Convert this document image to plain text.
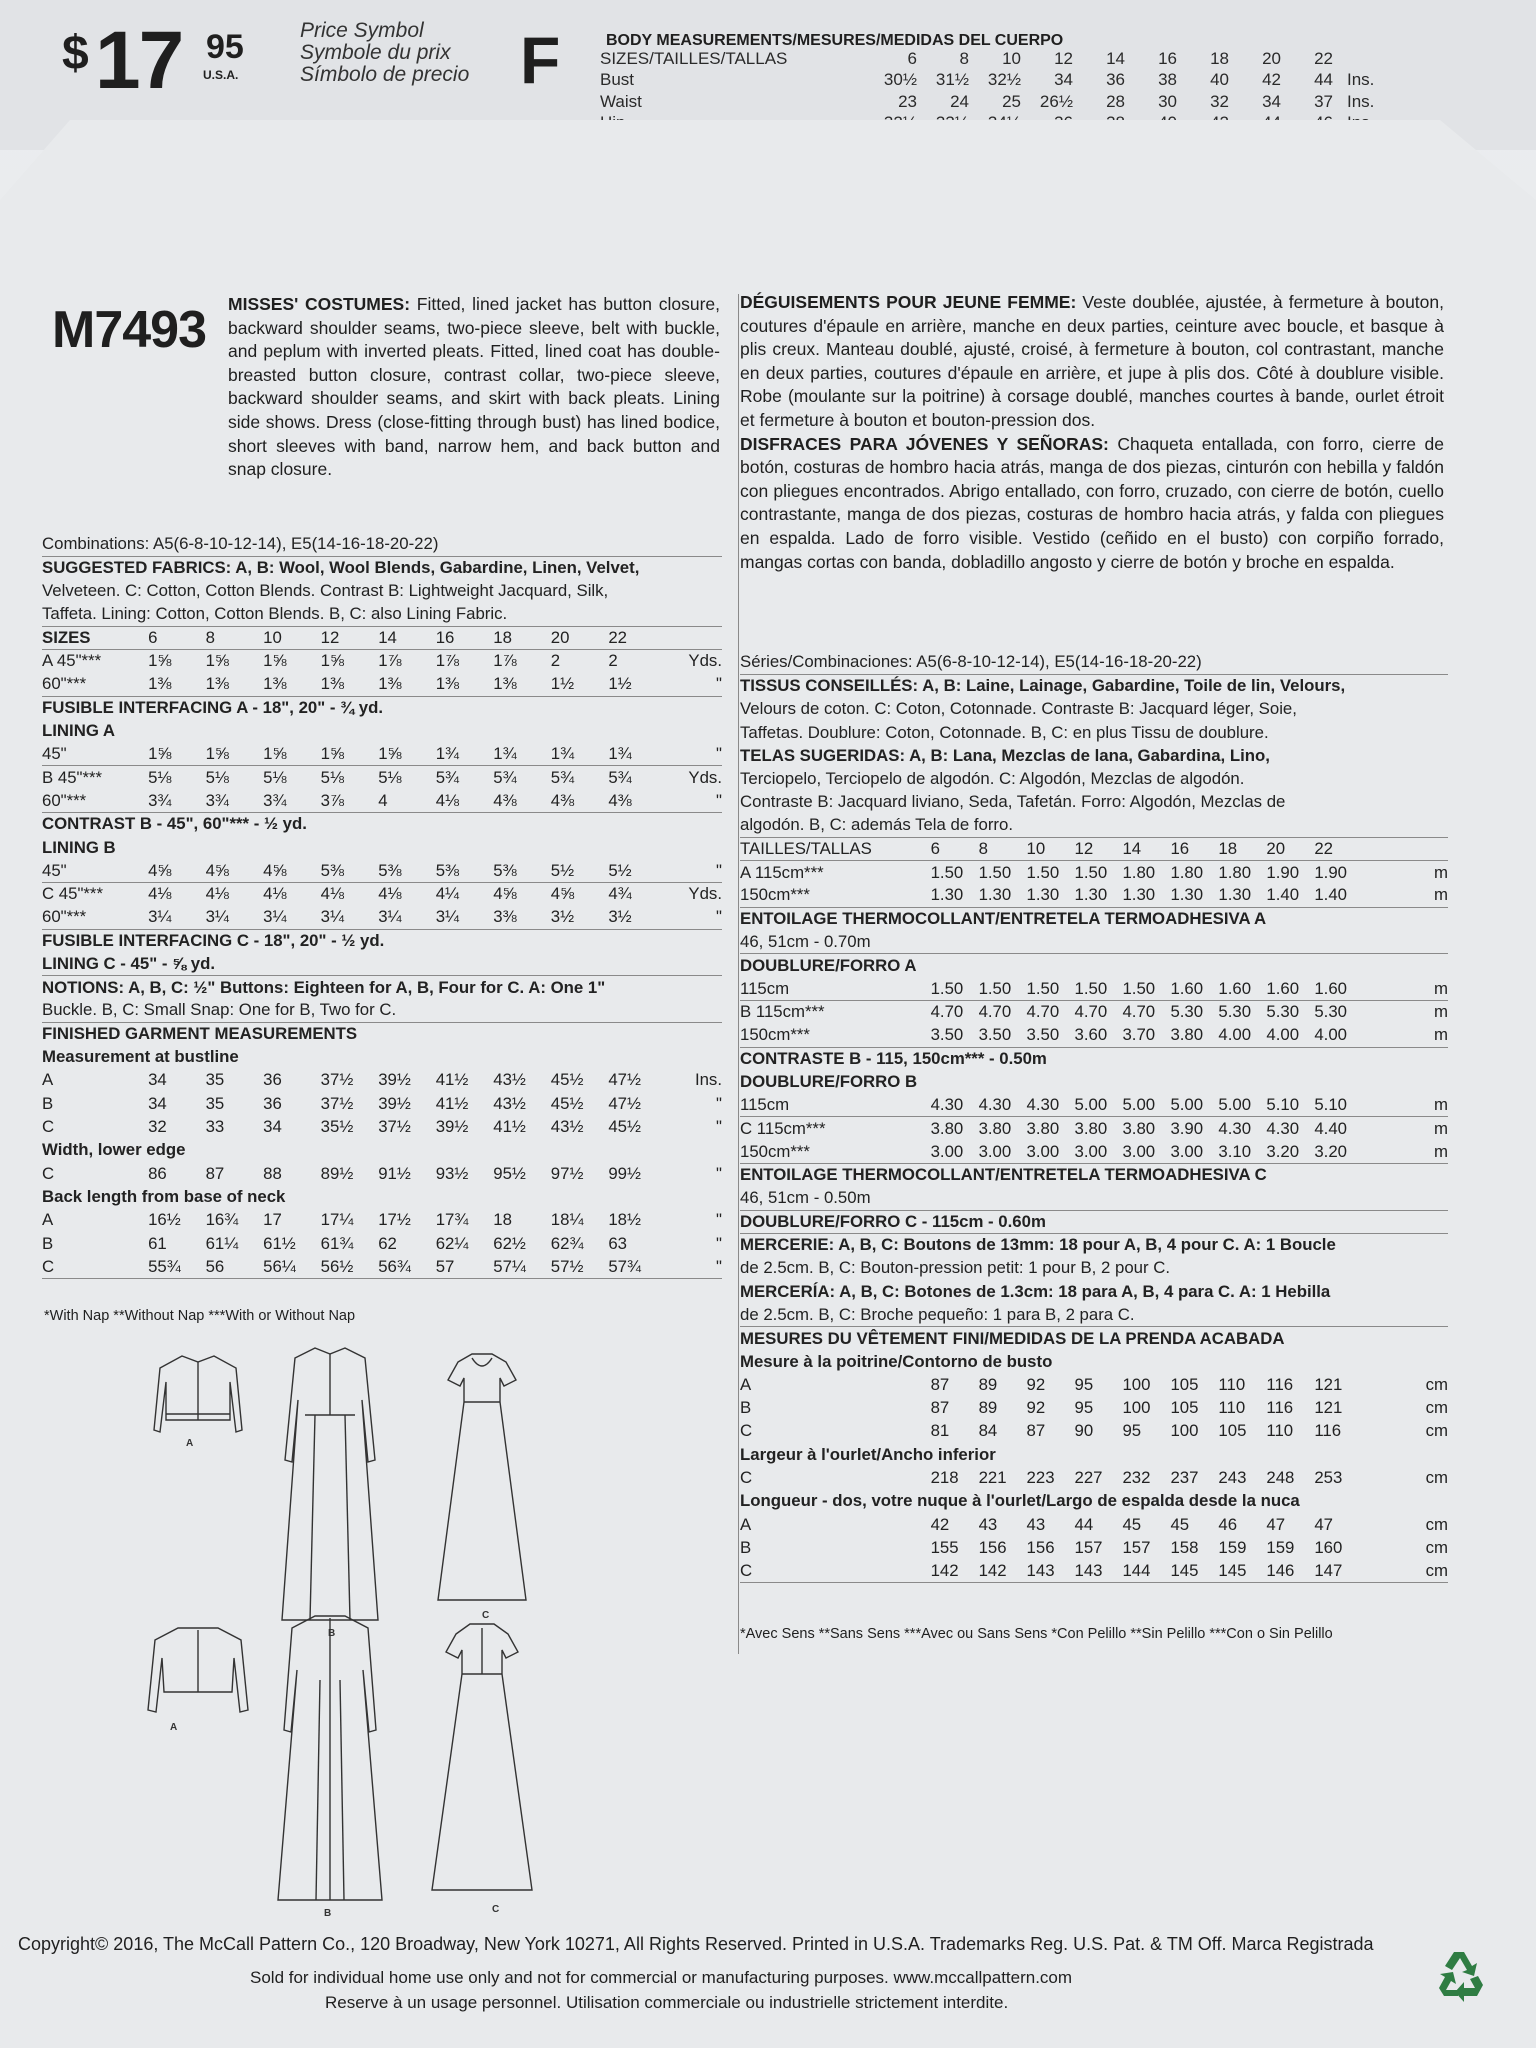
$ 17 95
U.S.A.
Price Symbol
Symbole du prix
Símbolo de precio F	BODY MEASUREMENTS/MESURES/MEDIDAS DEL CUERPO
SIZES/TAILLES/TALLAS	6	8	10	12	14	16	18	20	22	
Bust	30½	31½	32½	34	36	38	40	42	44	Ins.
Waist	23	24	25	26½	28	30	32	34	37	Ins.

M7493 MISSES' COSTUMES: Fitted, lined jacket has button closure, backward shoulder seams, two-piece sleeve, belt with buckle, and peplum with inverted pleats. Fitted, lined coat has double-breasted button closure, contrast collar, two-piece sleeve, backward shoulder seams, and skirt with back pleats. Lining side shows. Dress (close-fitting through bust) has lined bodice, short sleeves with band, narrow hem, and back button and snap closure.
DÉGUISEMENTS POUR JEUNE FEMME: Veste doublée, ajustée, à fermeture à bouton, coutures d'épaule en arrière, manche en deux parties, ceinture avec boucle, et basque à plis creux. Manteau doublé, ajusté, croisé, à fermeture à bouton, col contrastant, manche en deux parties, coutures d'épaule en arrière, et jupe à plis dos. Côté à doublure visible. Robe (moulante sur la poitrine) à corsage doublé, manches courtes à bande, ourlet étroit et fermeture à bouton et bouton-pression dos.
DISFRACES PARA JÓVENES Y SEÑORAS: Chaqueta entallada, con forro, cierre de botón, costuras de hombro hacia atrás, manga de dos piezas, cinturón con hebilla y faldón con pliegues encontrados. Abrigo entallado, con forro, cruzado, con cierre de botón, cuello contrastante, manga de dos piezas, costuras de hombro hacia atrás, y falda con pliegues en espalda. Lado de forro visible. Vestido (ceñido en el busto) con corpiño forrado, mangas cortas con banda, dobladillo angosto y cierre de botón y broche en espalda.
Combinations: A5(6-8-10-12-14), E5(14-16-18-20-22)										
SUGGESTED FABRICS: A, B: Wool, Wool Blends, Gabardine, Linen, Velvet,										
Velveteen. C: Cotton, Cotton Blends. Contrast B: Lightweight Jacquard, Silk,										
Taffeta. Lining: Cotton, Cotton Blends. B, C: also Lining Fabric.										
SIZES	6	8	10	12	14	16	18	20	22	
A 45"***	1⅝	1⅝	1⅝	1⅝	1⅞	1⅞	1⅞	2	2	Yds.
60"***	1⅜	1⅜	1⅜	1⅜	1⅜	1⅜	1⅜	1½	1½	"
FUSIBLE INTERFACING A - 18", 20" - ¾ yd.										
LINING A										
45"	1⅝	1⅝	1⅝	1⅝	1⅝	1¾	1¾	1¾	1¾	"
B 45"***	5⅛	5⅛	5⅛	5⅛	5⅛	5¾	5¾	5¾	5¾	Yds.
60"***	3¾	3¾	3¾	3⅞	4	4⅛	4⅜	4⅜	4⅜	"
CONTRAST B - 45", 60"*** - ½ yd.										
LINING B										
45"	4⅝	4⅝	4⅝	5⅜	5⅜	5⅜	5⅜	5½	5½	"
C 45"***	4⅛	4⅛	4⅛	4⅛	4⅛	4¼	4⅝	4⅝	4¾	Yds.
60"***	3¼	3¼	3¼	3¼	3¼	3¼	3⅜	3½	3½	"
FUSIBLE INTERFACING C - 18", 20" - ½ yd.										
LINING C - 45" - ⅝ yd.										
NOTIONS: A, B, C: ½" Buttons: Eighteen for A, B, Four for C. A: One 1"										
Buckle. B, C: Small Snap: One for B, Two for C.										
FINISHED GARMENT MEASUREMENTS										
Measurement at bustline										
A	34	35	36	37½	39½	41½	43½	45½	47½	Ins.
B	34	35	36	37½	39½	41½	43½	45½	47½	"
C	32	33	34	35½	37½	39½	41½	43½	45½	"
Width, lower edge										
C	86	87	88	89½	91½	93½	95½	97½	99½	"
Back length from base of neck										
A	16½	16¾	17	17¼	17½	17¾	18	18¼	18½	"
B	61	61¼	61½	61¾	62	62¼	62½	62¾	63	"
C	55¾	56	56¼	56½	56¾	57	57¼	57½	57¾	"
*With Nap **Without Nap ***With or Without Nap
Séries/Combinaciones: A5(6-8-10-12-14), E5(14-16-18-20-22)										
TISSUS CONSEILLÉS: A, B: Laine, Lainage, Gabardine, Toile de lin, Velours,										
Velours de coton. C: Coton, Cotonnade. Contraste B: Jacquard léger, Soie,										
Taffetas. Doublure: Coton, Cotonnade. B, C: en plus Tissu de doublure.										
TELAS SUGERIDAS: A, B: Lana, Mezclas de lana, Gabardina, Lino,										
Terciopelo, Terciopelo de algodón. C: Algodón, Mezclas de algodón.										
Contraste B: Jacquard liviano, Seda, Tafetán. Forro: Algodón, Mezclas de										
algodón. B, C: además Tela de forro.										
TAILLES/TALLAS	6	8	10	12	14	16	18	20	22	
A 115cm***	1.50	1.50	1.50	1.50	1.80	1.80	1.80	1.90	1.90	m
150cm***	1.30	1.30	1.30	1.30	1.30	1.30	1.30	1.40	1.40	m
ENTOILAGE THERMOCOLLANT/ENTRETELA TERMOADHESIVA A										
46, 51cm - 0.70m										
DOUBLURE/FORRO A										
115cm	1.50	1.50	1.50	1.50	1.50	1.60	1.60	1.60	1.60	m
B 115cm***	4.70	4.70	4.70	4.70	4.70	5.30	5.30	5.30	5.30	m
150cm***	3.50	3.50	3.50	3.60	3.70	3.80	4.00	4.00	4.00	m
CONTRASTE B - 115, 150cm*** - 0.50m										
DOUBLURE/FORRO B										
115cm	4.30	4.30	4.30	5.00	5.00	5.00	5.00	5.10	5.10	m
C 115cm***	3.80	3.80	3.80	3.80	3.80	3.90	4.30	4.30	4.40	m
150cm***	3.00	3.00	3.00	3.00	3.00	3.00	3.10	3.20	3.20	m
ENTOILAGE THERMOCOLLANT/ENTRETELA TERMOADHESIVA C										
46, 51cm - 0.50m										
DOUBLURE/FORRO C - 115cm - 0.60m										
MERCERIE: A, B, C: Boutons de 13mm: 18 pour A, B, 4 pour C. A: 1 Boucle										
de 2.5cm. B, C: Bouton-pression petit: 1 pour B, 2 pour C.										
MERCERÍA: A, B, C: Botones de 1.3cm: 18 para A, B, 4 para C. A: 1 Hebilla										
de 2.5cm. B, C: Broche pequeño: 1 para B, 2 para C.										
MESURES DU VÊTEMENT FINI/MEDIDAS DE LA PRENDA ACABADA										
Mesure à la poitrine/Contorno de busto										
A	87	89	92	95	100	105	110	116	121	cm
B	87	89	92	95	100	105	110	116	121	cm
C	81	84	87	90	95	100	105	110	116	cm
Largeur à l'ourlet/Ancho inferior										
C	218	221	223	227	232	237	243	248	253	cm
Longueur - dos, votre nuque à l'ourlet/Largo de espalda desde la nuca										
A	42	43	43	44	45	45	46	47	47	cm
B	155	156	156	157	157	158	159	159	160	cm
C	142	142	143	143	144	145	145	146	147	cm
*Avec Sens **Sans Sens ***Avec ou Sans Sens *Con Pelillo **Sin Pelillo ***Con o Sin Pelillo
A
B
C
A
B	C
Copyright© 2016, The McCall Pattern Co., 120 Broadway, New York 10271, All Rights Reserved. Printed in U.S.A. Trademarks Reg. U.S. Pat. & TM Off. Marca Registrada
Sold for individual home use only and not for commercial or manufacturing purposes. www.mccallpattern.com
Reserve à un usage personnel. Utilisation commerciale ou industrielle strictement interdite.
